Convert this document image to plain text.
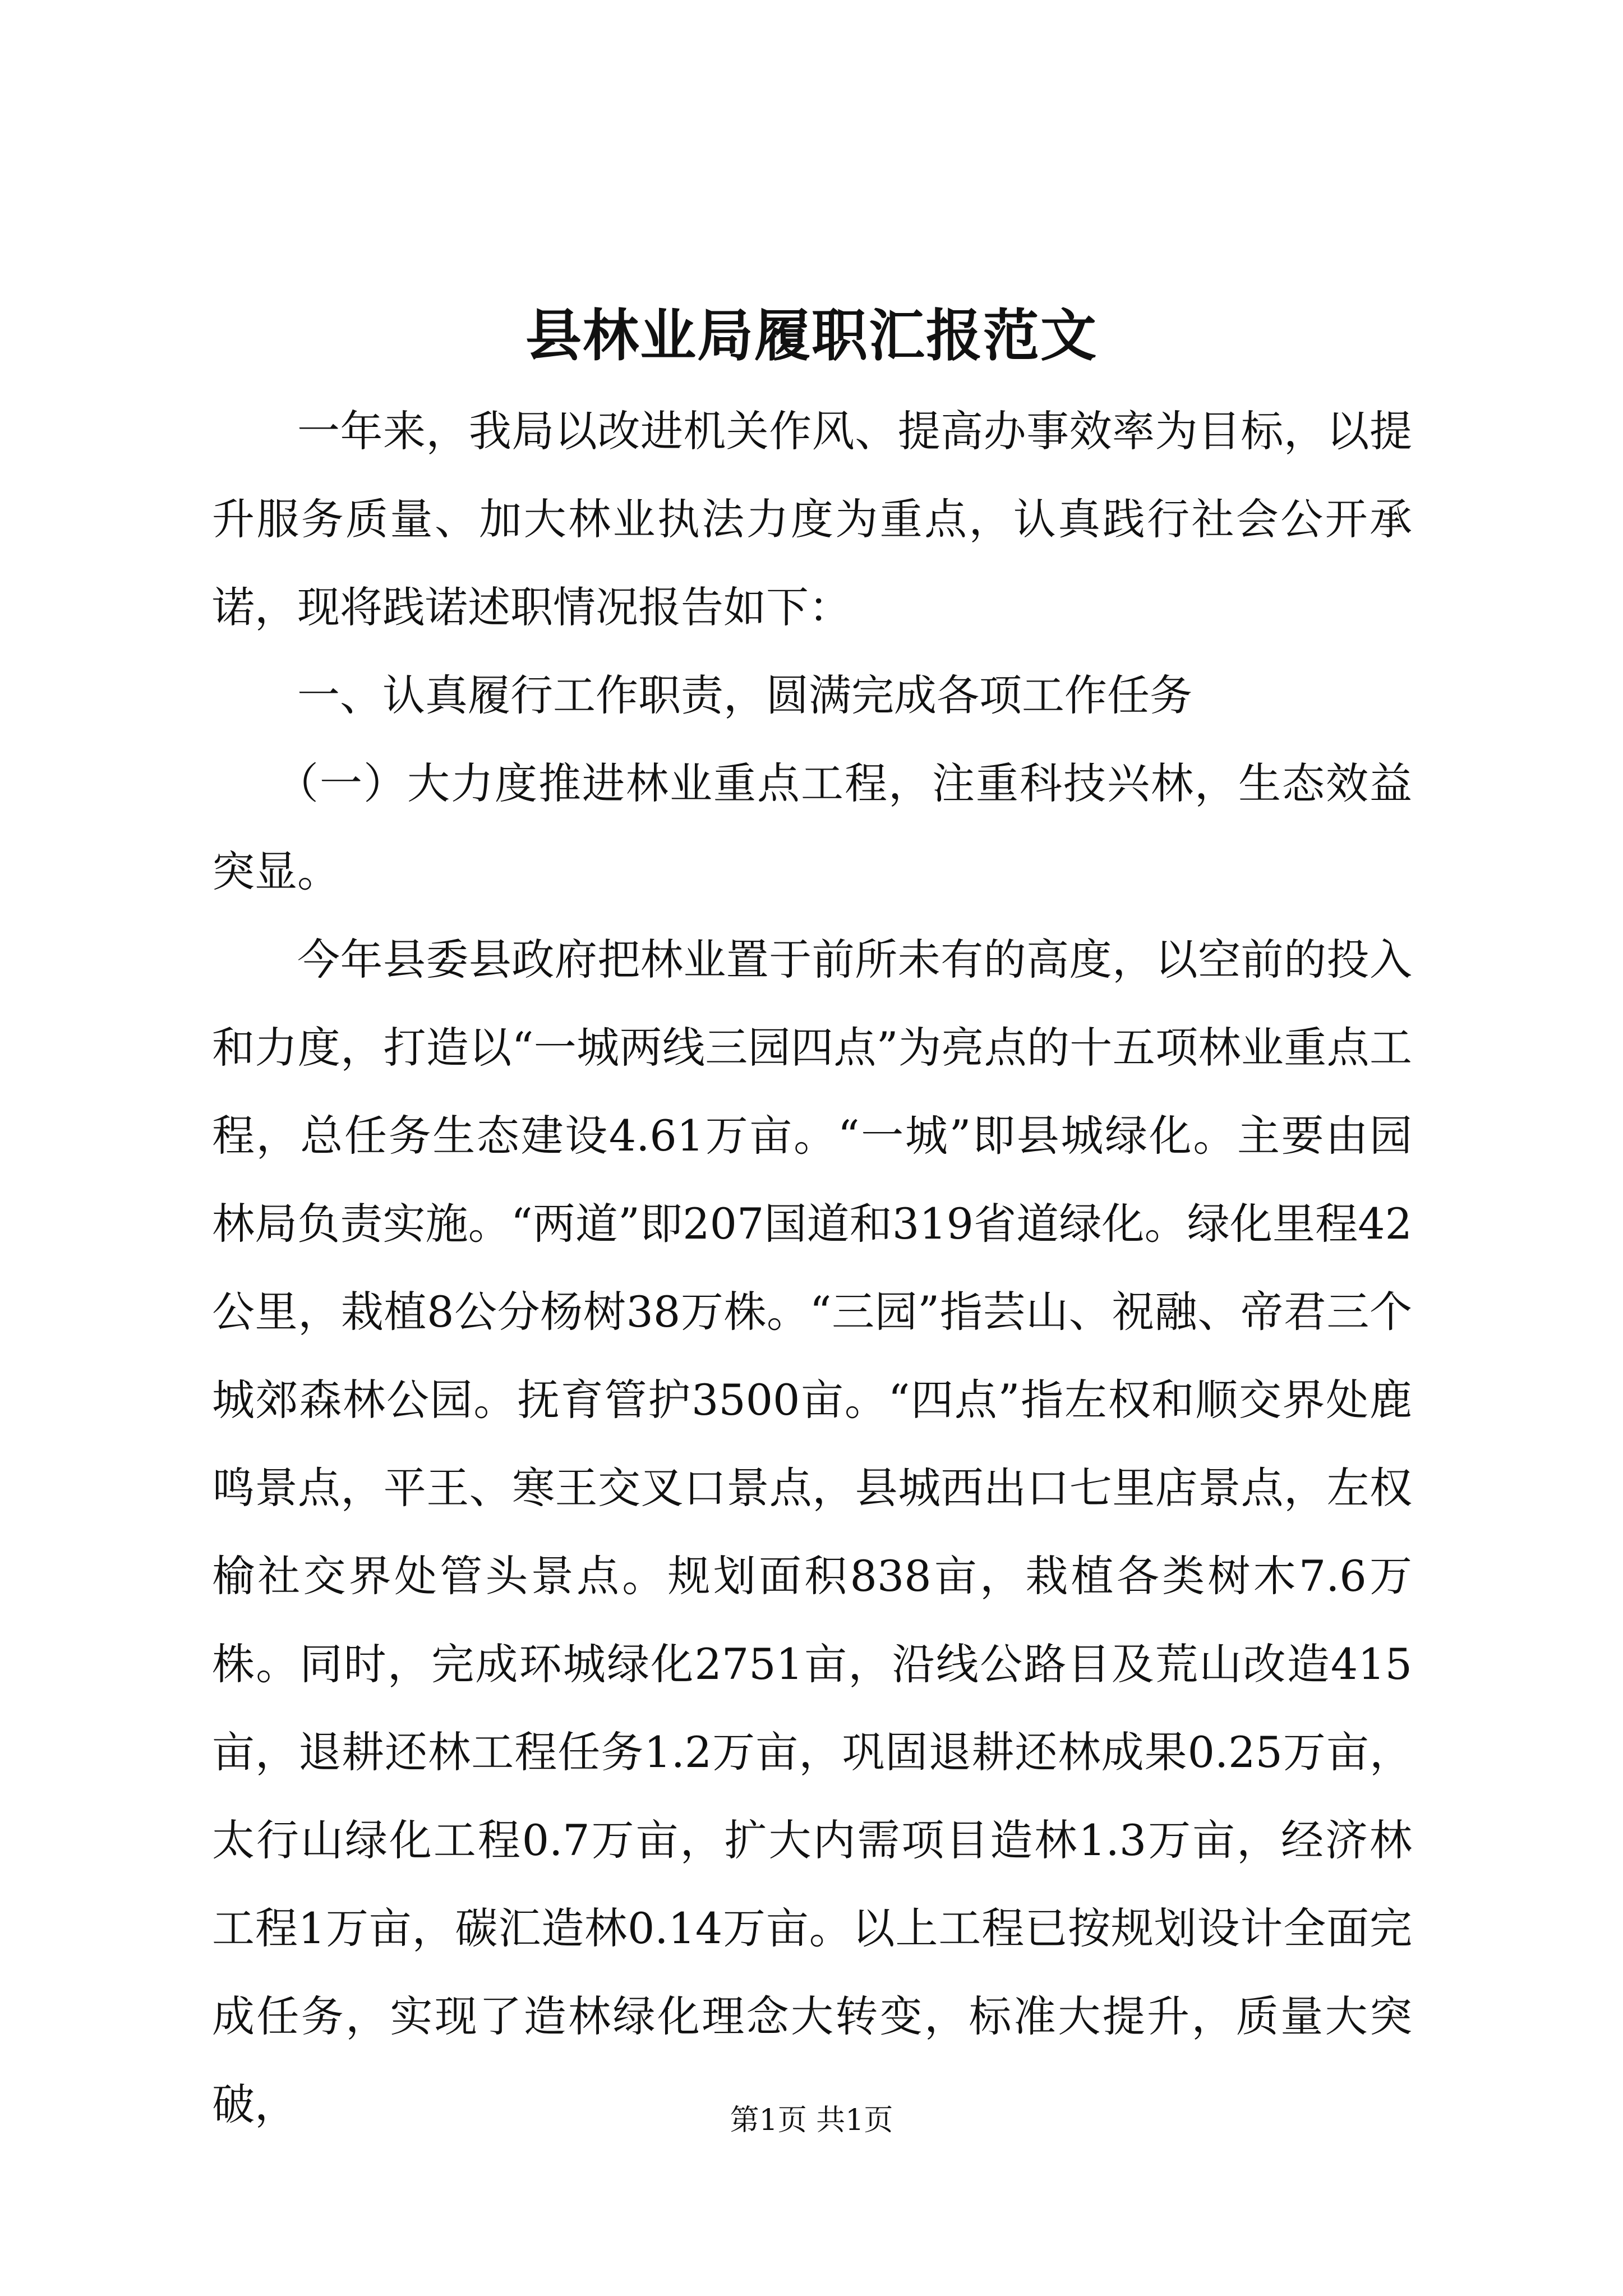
县林业局履职汇报范文

一年来，我局以改进机关作风、提高办事效率为目标，以提升服务质量、加大林业执法力度为重点，认真践行社会公开承诺，现将践诺述职情况报告如下：

一、认真履行工作职责，圆满完成各项工作任务

（一）大力度推进林业重点工程，注重科技兴林，生态效益突显。

今年县委县政府把林业置于前所未有的高度，以空前的投入和力度，打造以“一城两线三园四点”为亮点的十五项林业重点工程，总任务生态建设4.61万亩。“一城”即县城绿化。主要由园林局负责实施。“两道”即207国道和319省道绿化。绿化里程42公里，栽植8公分杨树38万株。“三园”指芸山、祝融、帝君三个城郊森林公园。抚育管护3500亩。“四点”指左权和顺交界处鹿鸣景点，平王、寒王交叉口景点，县城西出口七里店景点，左权榆社交界处管头景点。规划面积838亩，栽植各类树木7.6万株。同时，完成环城绿化2751亩，沿线公路目及荒山改造415亩，退耕还林工程任务1.2万亩，巩固退耕还林成果0.25万亩，太行山绿化工程0.7万亩，扩大内需项目造林1.3万亩，经济林工程1万亩，碳汇造林0.14万亩。以上工程已按规划设计全面完成任务，实现了造林绿化理念大转变，标准大提升，质量大突破，	第1页 共1页
